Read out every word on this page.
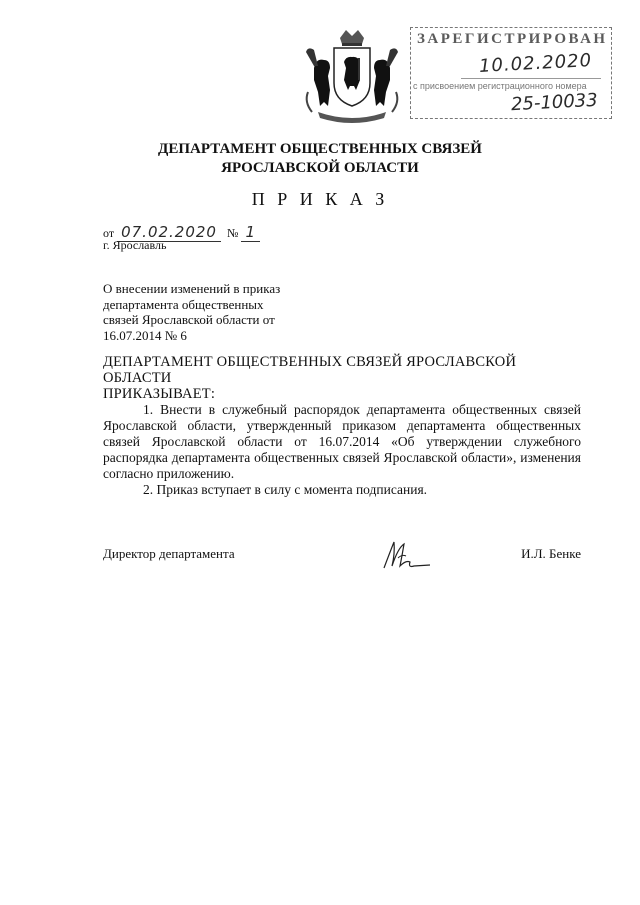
ЗАРЕГИСТРИРОВАН
10.02.2020
с присвоением регистрационного номера
25-10033
ДЕПАРТАМЕНТ ОБЩЕСТВЕННЫХ СВЯЗЕЙ
ЯРОСЛАВСКОЙ ОБЛАСТИ
П Р И К А З
от 07.02.2020 № 1
г. Ярославль
О внесении изменений в приказ
департамента общественных
связей Ярославской области от
16.07.2014 № 6
ДЕПАРТАМЕНТ ОБЩЕСТВЕННЫХ СВЯЗЕЙ ЯРОСЛАВСКОЙ ОБЛАСТИ
ПРИКАЗЫВАЕТ:

1. Внести в служебный распорядок департамента общественных связей Ярославской области, утвержденный приказом департамента общественных связей Ярославской области от 16.07.2014 «Об утверждении служебного распорядка департамента общественных связей Ярославской области», изменения согласно приложению.

2. Приказ вступает в силу с момента подписания.

Директор департамента	И.Л. Бенке
